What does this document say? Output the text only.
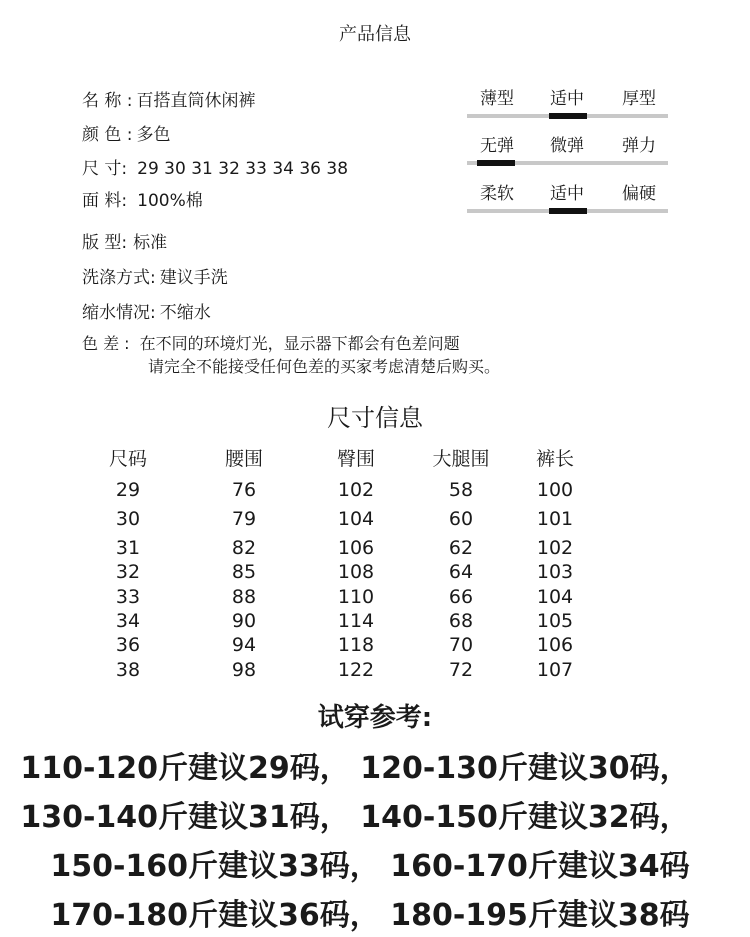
产品信息
名 称 : 百搭直筒休闲裤
颜 色 : 多色
尺 寸: 29 30 31 32 33 34 36 38
面 料: 100%棉
版 型: 标准
洗涤方式: 建议手洗
缩水情况: 不缩水
色 差 : 在不同的环境灯光，显示器下都会有色差问题
请完全不能接受任何色差的买家考虑清楚后购买。
薄型	适中	厚型
无弹	微弹	弹力
柔软	适中	偏硬
尺寸信息
尺码	腰围	臀围	大腿围	裤长
29	76	102	58	100
30	79	104	60	101
31	82	106	62	102
32	85	108	64	103
33	88	110	66	104
34	90	114	68	105
36	94	118	70	106
38	98	122	72	107
试穿参考:
110-120斤建议29码， 120-130斤建议30码，
130-140斤建议31码， 140-150斤建议32码，
150-160斤建议33码， 160-170斤建议34码
170-180斤建议36码， 180-195斤建议38码
